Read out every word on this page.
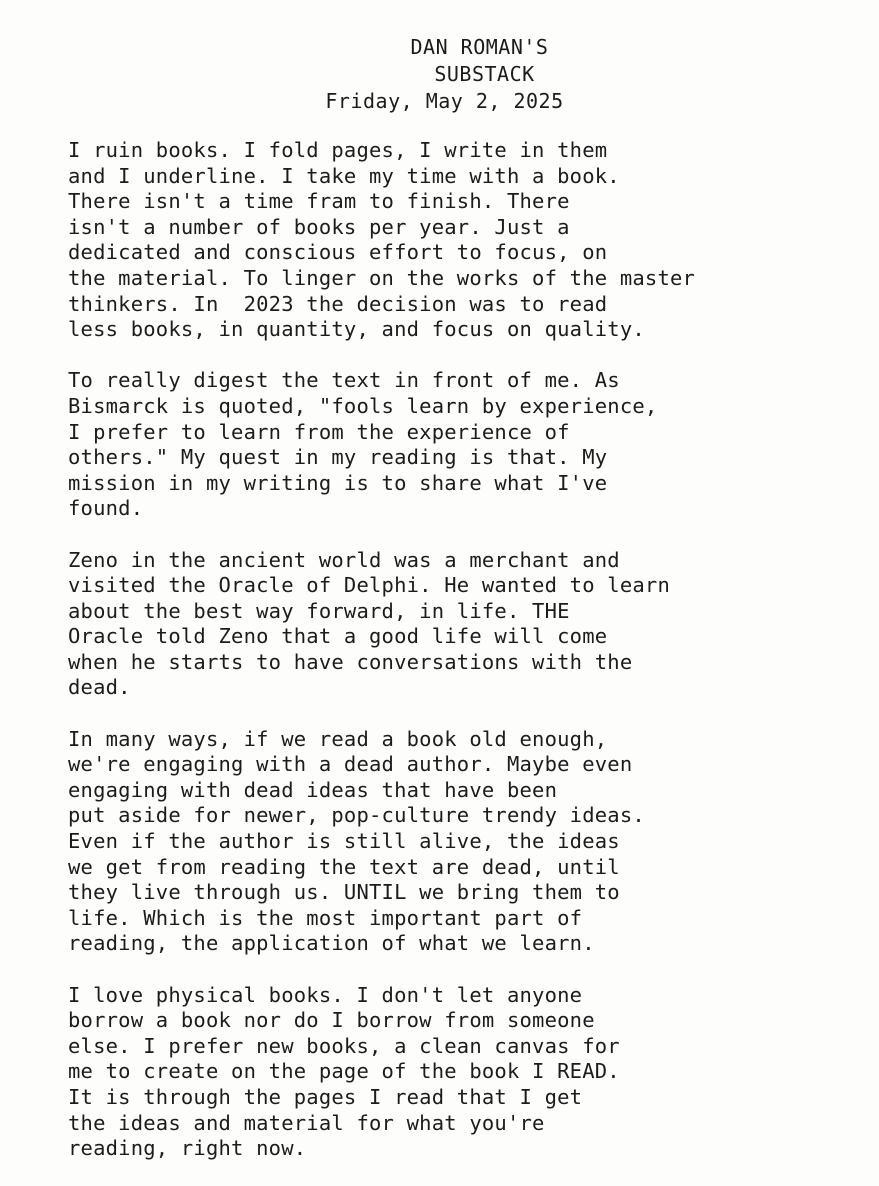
DAN ROMAN'S
SUBSTACK
Friday, May 2, 2025
I ruin books. I fold pages, I write in them
and I underline. I take my time with a book.
There isn't a time fram to finish. There
isn't a number of books per year. Just a
dedicated and conscious effort to focus, on
the material. To linger on the works of the master
thinkers. In  2023 the decision was to read
less books, in quantity, and focus on quality.
To really digest the text in front of me. As
Bismarck is quoted, "fools learn by experience,
I prefer to learn from the experience of
others." My quest in my reading is that. My
mission in my writing is to share what I've
found.
Zeno in the ancient world was a merchant and
visited the Oracle of Delphi. He wanted to learn
about the best way forward, in life. THE
Oracle told Zeno that a good life will come
when he starts to have conversations with the
dead.
In many ways, if we read a book old enough,
we're engaging with a dead author. Maybe even
engaging with dead ideas that have been
put aside for newer, pop-culture trendy ideas.
Even if the author is still alive, the ideas
we get from reading the text are dead, until
they live through us. UNTIL we bring them to
life. Which is the most important part of
reading, the application of what we learn.
I love physical books. I don't let anyone
borrow a book nor do I borrow from someone
else. I prefer new books, a clean canvas for
me to create on the page of the book I READ.
It is through the pages I read that I get
the ideas and material for what you're
reading, right now.
